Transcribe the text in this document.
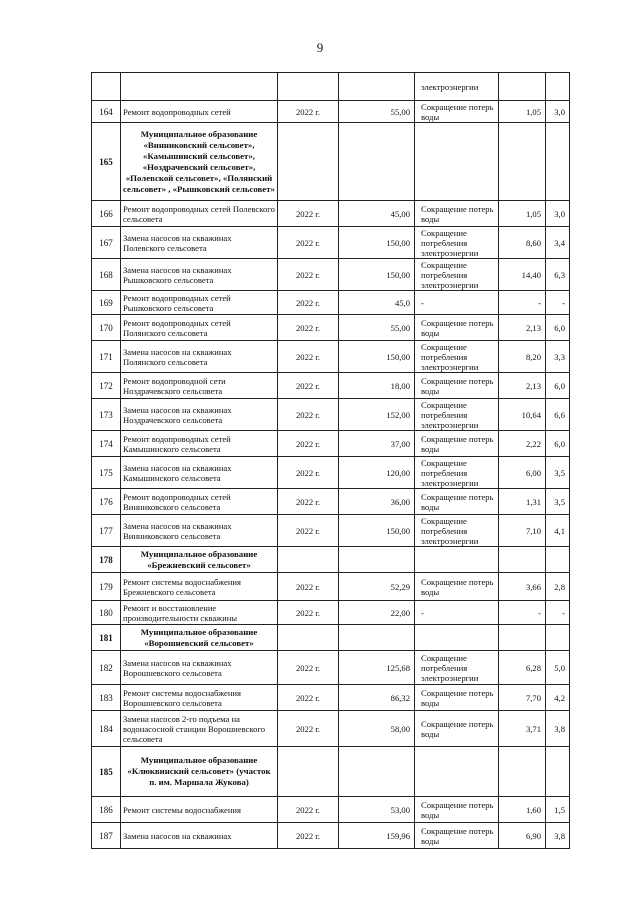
9
				электроэнергии		
164	Ремонт водопроводных сетей	2022 г.	55,00	Сокращение потерь воды	1,05	3,0
165	Муниципальное образование «Винниковский сельсовет», «Камышинский сельсовет», «Ноздрачевский сельсовет», «Полевской сельсовет», «Полянский сельсовет» , «Рышковский сельсовет»					
166	Ремонт водопроводных сетей Полевского сельсовета	2022 г.	45,00	Сокращение потерь воды	1,05	3,0
167	Замена насосов на скважинах Полевского сельсовета	2022 г.	150,00	Сокращение потребления электроэнергии	8,60	3,4
168	Замена насосов на скважинах Рышковского сельсовета	2022 г.	150,00	Сокращение потребления электроэнергии	14,40	6,3
169	Ремонт водопроводных сетей Рышковского сельсовета	2022 г.	45,0	-	-	-
170	Ремонт водопроводных сетей Полянского сельсовета	2022 г.	55,00	Сокращение потерь воды	2,13	6,0
171	Замена насосов на скважинах Полянского сельсовета	2022 г.	150,00	Сокращение потребления электроэнергии	8,20	3,3
172	Ремонт водопроводной сети Ноздрачевского сельсовета	2022 г.	18,00	Сокращение потерь воды	2,13	6,0
173	Замена насосов на скважинах Ноздрачевского сельсовета	2022 г.	152,00	Сокращение потребления электроэнергии	10,64	6,6
174	Ремонт водопроводных сетей Камышинского сельсовета	2022 г.	37,00	Сокращение потерь воды	2,22	6,0
175	Замена насосов на скважинах Камышинского сельсовета	2022 г.	120,00	Сокращение потребления электроэнергии	6,00	3,5
176	Ремонт водопроводных сетей Винниковского сельсовета	2022 г.	36,00	Сокращение потерь воды	1,31	3,5
177	Замена насосов на скважинах Винниковского сельсовета	2022 г.	150,00	Сокращение потребления электроэнергии	7,10	4,1
178	Муниципальное образование «Брежневский сельсовет»					
179	Ремонт системы водоснабжения Брежневского сельсовета	2022 г.	52,29	Сокращение потерь воды	3,66	2,8
180	Ремонт и восстановление производительности скважины	2022 г.	22,00	-	-	-
181	Муниципальное образование «Ворошневский сельсовет»					
182	Замена насосов на скважинах Ворошневского сельсовета	2022 г.	125,68	Сокращение потребления электроэнергии	6,28	5,0
183	Ремонт системы водоснабжения Ворошневского сельсовета	2022 г.	86,32	Сокращение потерь воды	7,70	4,2
184	Замена насосов 2-го подъема на водонасосной станции Ворошневского сельсовета	2022 г.	58,00	Сокращение потерь воды	3,71	3,8
185	Муниципальное образование «Клюквинский сельсовет» (участок п. им. Маршала Жукова)					
186	Ремонт системы водоснабжения	2022 г.	53,00	Сокращение потерь воды	1,60	1,5
187	Замена насосов на скважинах	2022 г.	159,96	Сокращение потерь воды	6,90	3,8
